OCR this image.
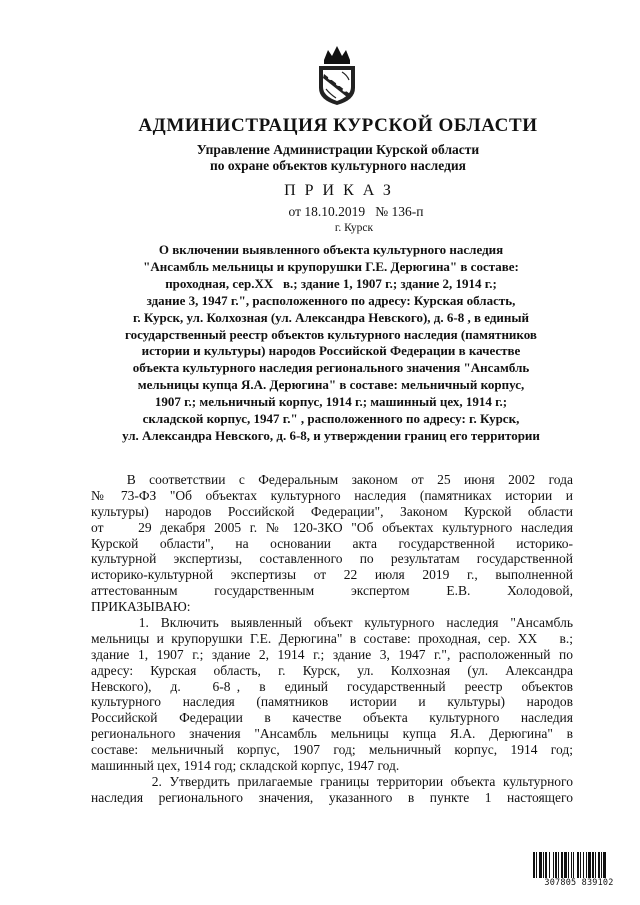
АДМИНИСТРАЦИЯ КУРСКОЙ ОБЛАСТИ
Управление Администрации Курской области
по охране объектов культурного наследия
ПРИКАЗ
от 18.10.2019   № 136-п
г. Курск
О включении выявленного объекта культурного наследия
"Ансамбль мельницы и крупорушки Г.Е. Дерюгина" в составе:
проходная, сер.XX   в.; здание 1, 1907 г.; здание 2, 1914 г.;
здание 3, 1947 г.", расположенного по адресу: Курская область,
г. Курск, ул. Колхозная (ул. Александра Невского), д. 6-8 , в единый
государственный реестр объектов культурного наследия (памятников
истории и культуры) народов Российской Федерации в качестве
объекта культурного наследия регионального значения "Ансамбль
мельницы купца Я.А. Дерюгина" в составе: мельничный корпус,
1907 г.; мельничный корпус, 1914 г.; машинный цех, 1914 г.;
складской корпус, 1947 г." , расположенного по адресу: г. Курск,
ул. Александра Невского, д. 6-8, и утверждении границ его территории
В   соответствии   с   Федеральным   законом   от   25   июня   2002   года
№  73-ФЗ  "Об  объектах  культурного  наследия  (памятниках  истории  и
культуры)  народов  Российской  Федерации",  Законом  Курской  области
от    29 декабря 2005 г. № 120-ЗКО "Об объектах культурного наследия
Курской   области",   на   основании   акта   государственной   историко-
культурной  экспертизы,  составленного  по  результатам  государственной
историко-культурной   экспертизы   от   22   июля   2019   г.,   выполненной
аттестованным   государственным   экспертом   Е.В.   Холодовой,
ПРИКАЗЫВАЮ:
1.  Включить  выявленный  объект  культурного  наследия  "Ансамбль
мельницы и крупорушки Г.Е. Дерюгина" в составе: проходная, сер. XX   в.;
здание  1,  1907  г.;  здание  2,  1914  г.;  здание  3,  1947  г.",  расположенный  по
адресу:   Курская   область,   г.   Курск,   ул.   Колхозная   (ул.   Александра
Невского),   д.     6-8 ,   в   единый   государственный   реестр   объектов
культурного   наследия   (памятников   истории   и   культуры)   народов
Российской   Федерации   в   качестве   объекта   культурного   наследия
регионального  значения  "Ансамбль  мельницы  купца  Я.А.  Дерюгина"  в
составе: мельничный корпус, 1907 год; мельничный корпус, 1914 год;
машинный цех, 1914 год; складской корпус, 1947 год.
2. Утвердить прилагаемые границы территории объекта культурного
наследия   регионального   значения,   указанного   в   пункте   1   настоящего
307805 839102
